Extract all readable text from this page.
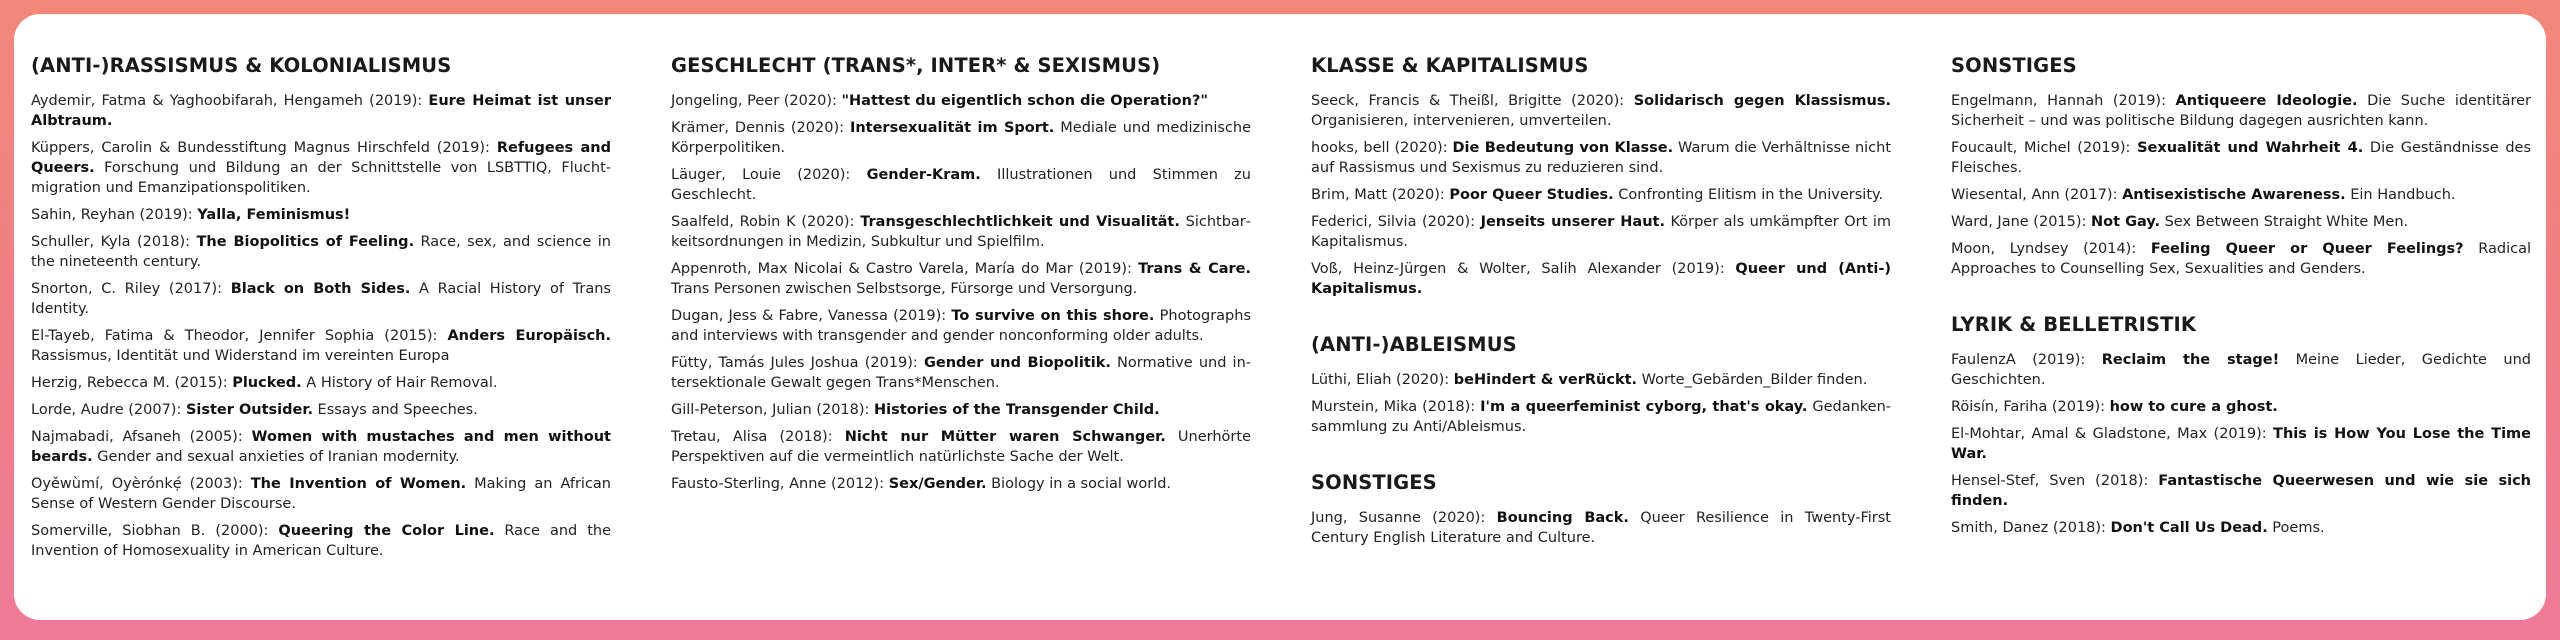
(ANTI-)RASSISMUS & KOLONIALISMUS

Aydemir, Fatma & Yaghoobifarah, Hengameh (2019): Eure Heimat ist unser Albtraum.

Küppers, Carolin & Bundesstiftung Magnus Hirschfeld (2019): Refugees and Queers. Forschung und Bildung an der Schnittstelle von LSBTTIQ, Fluchtmigration und Emanzipationspolitiken.

Sahin, Reyhan (2019): Yalla, Feminismus!

Schuller, Kyla (2018): The Biopolitics of Feeling. Race, sex, and science in the nineteenth century.

Snorton, C. Riley (2017): Black on Both Sides. A Racial History of Trans Identity.

El-Tayeb, Fatima & Theodor, Jennifer Sophia (2015): Anders Europäisch. Rassismus, Identität und Widerstand im vereinten Europa

Herzig, Rebecca M. (2015): Plucked. A History of Hair Removal.

Lorde, Audre (2007): Sister Outsider. Essays and Speeches.

Najmabadi, Afsaneh (2005): Women with mustaches and men without beards. Gender and sexual anxieties of Iranian modernity.

Oyěwùmí, Oyèrónkẹ́ (2003): The Invention of Women. Making an African Sense of Western Gender Discourse.

Somerville, Siobhan B. (2000): Queering the Color Line. Race and the Invention of Homosexuality in American Culture.

GESCHLECHT (TRANS*, INTER* & SEXISMUS)

Jongeling, Peer (2020): "Hattest du eigentlich schon die Operation?"

Krämer, Dennis (2020): Intersexualität im Sport. Mediale und medizinische Körperpolitiken.

Läuger, Louie (2020): Gender-Kram. Illustrationen und Stimmen zu Geschlecht.

Saalfeld, Robin K (2020): Transgeschlechtlichkeit und Visualität. Sichtbarkeitsordnungen in Medizin, Subkultur und Spielfilm.

Appenroth, Max Nicolai & Castro Varela, María do Mar (2019): Trans & Care. Trans Personen zwischen Selbstsorge, Fürsorge und Versorgung.

Dugan, Jess & Fabre, Vanessa (2019): To survive on this shore. Photographs and interviews with transgender and gender nonconforming older adults.

Fütty, Tamás Jules Joshua (2019): Gender und Biopolitik. Normative und intersektionale Gewalt gegen Trans*Menschen.

Gill-Peterson, Julian (2018): Histories of the Transgender Child.

Tretau, Alisa (2018): Nicht nur Mütter waren Schwanger. Unerhörte Perspektiven auf die vermeintlich natürlichste Sache der Welt.

Fausto-Sterling, Anne (2012): Sex/Gender. Biology in a social world.

KLASSE & KAPITALISMUS

Seeck, Francis & Theißl, Brigitte (2020): Solidarisch gegen Klassismus. Organisieren, intervenieren, umverteilen.

hooks, bell (2020): Die Bedeutung von Klasse. Warum die Verhältnisse nicht auf Rassismus und Sexismus zu reduzieren sind.

Brim, Matt (2020): Poor Queer Studies. Confronting Elitism in the University.

Federici, Silvia (2020): Jenseits unserer Haut. Körper als umkämpfter Ort im Kapitalismus.

Voß, Heinz-Jürgen & Wolter, Salih Alexander (2019): Queer und (Anti-) Kapitalismus.

(ANTI-)ABLEISMUS

Lüthi, Eliah (2020): beHindert & verRückt. Worte_Gebärden_Bilder finden.

Murstein, Mika (2018): I'm a queerfeminist cyborg, that's okay. Gedankensammlung zu Anti/Ableismus.

SONSTIGES

Jung, Susanne (2020): Bouncing Back. Queer Resilience in Twenty-First Century English Literature and Culture.

SONSTIGES

Engelmann, Hannah (2019): Antiqueere Ideologie. Die Suche identitärer Sicherheit – und was politische Bildung dagegen ausrichten kann.

Foucault, Michel (2019): Sexualität und Wahrheit 4. Die Geständnisse des Fleisches.

Wiesental, Ann (2017): Antisexistische Awareness. Ein Handbuch.

Ward, Jane (2015): Not Gay. Sex Between Straight White Men.

Moon, Lyndsey (2014): Feeling Queer or Queer Feelings? Radical Approaches to Counselling Sex, Sexualities and Genders.

LYRIK & BELLETRISTIK

FaulenzA (2019): Reclaim the stage! Meine Lieder, Gedichte und Geschichten.

Röisín, Fariha (2019): how to cure a ghost.

El-Mohtar, Amal & Gladstone, Max (2019): This is How You Lose the Time War.

Hensel-Stef, Sven (2018): Fantastische Queerwesen und wie sie sich finden.

Smith, Danez (2018): Don't Call Us Dead. Poems.
